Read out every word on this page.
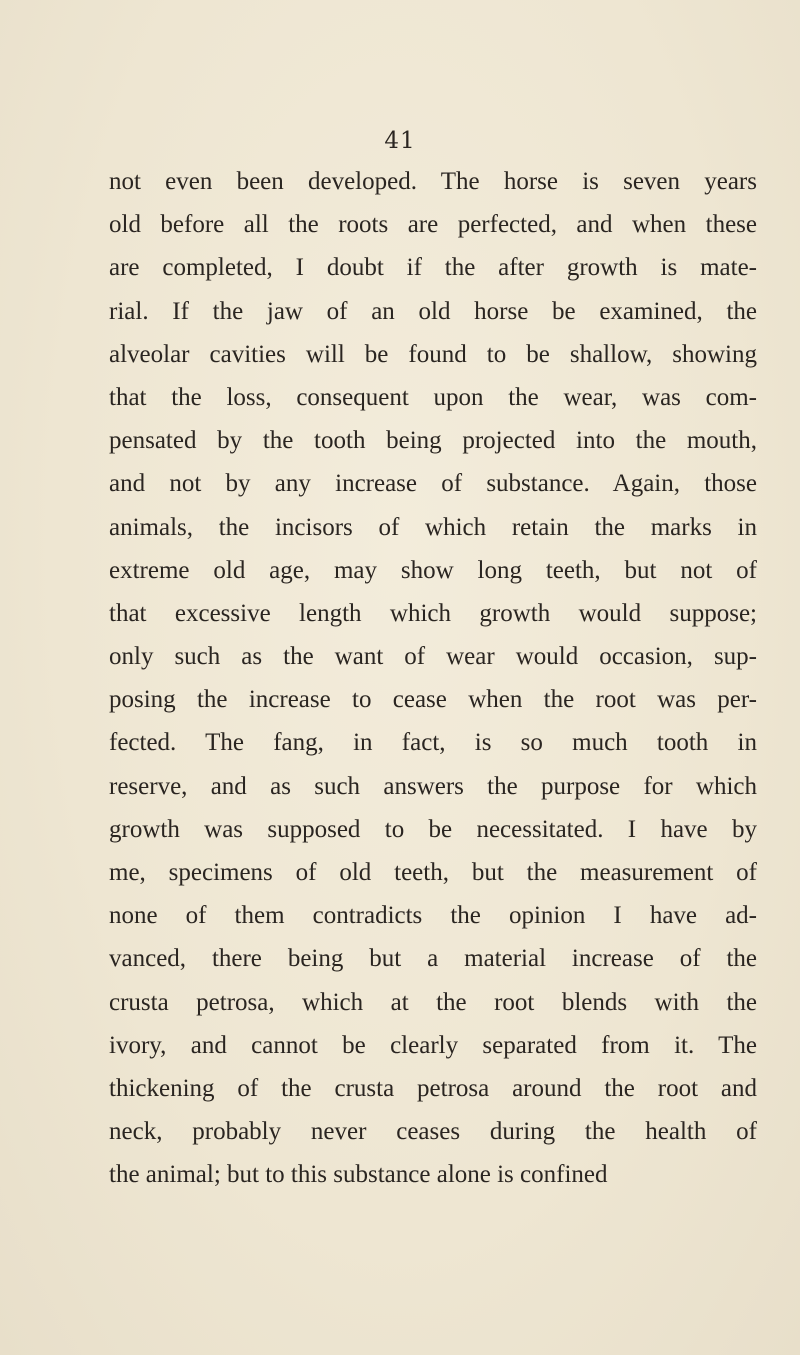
41
not even been developed. The horse is seven years
old before all the roots are perfected, and when these
are completed, I doubt if the after growth is mate-
rial. If the jaw of an old horse be examined, the
alveolar cavities will be found to be shallow, showing
that the loss, consequent upon the wear, was com-
pensated by the tooth being projected into the mouth,
and not by any increase of substance. Again, those
animals, the incisors of which retain the marks in
extreme old age, may show long teeth, but not of
that excessive length which growth would suppose;
only such as the want of wear would occasion, sup-
posing the increase to cease when the root was per-
fected. The fang, in fact, is so much tooth in
reserve, and as such answers the purpose for which
growth was supposed to be necessitated. I have by
me, specimens of old teeth, but the measurement of
none of them contradicts the opinion I have ad-
vanced, there being but a material increase of the
crusta petrosa, which at the root blends with the
ivory, and cannot be clearly separated from it. The
thickening of the crusta petrosa around the root and
neck, probably never ceases during the health of
the animal; but to this substance alone is confined
